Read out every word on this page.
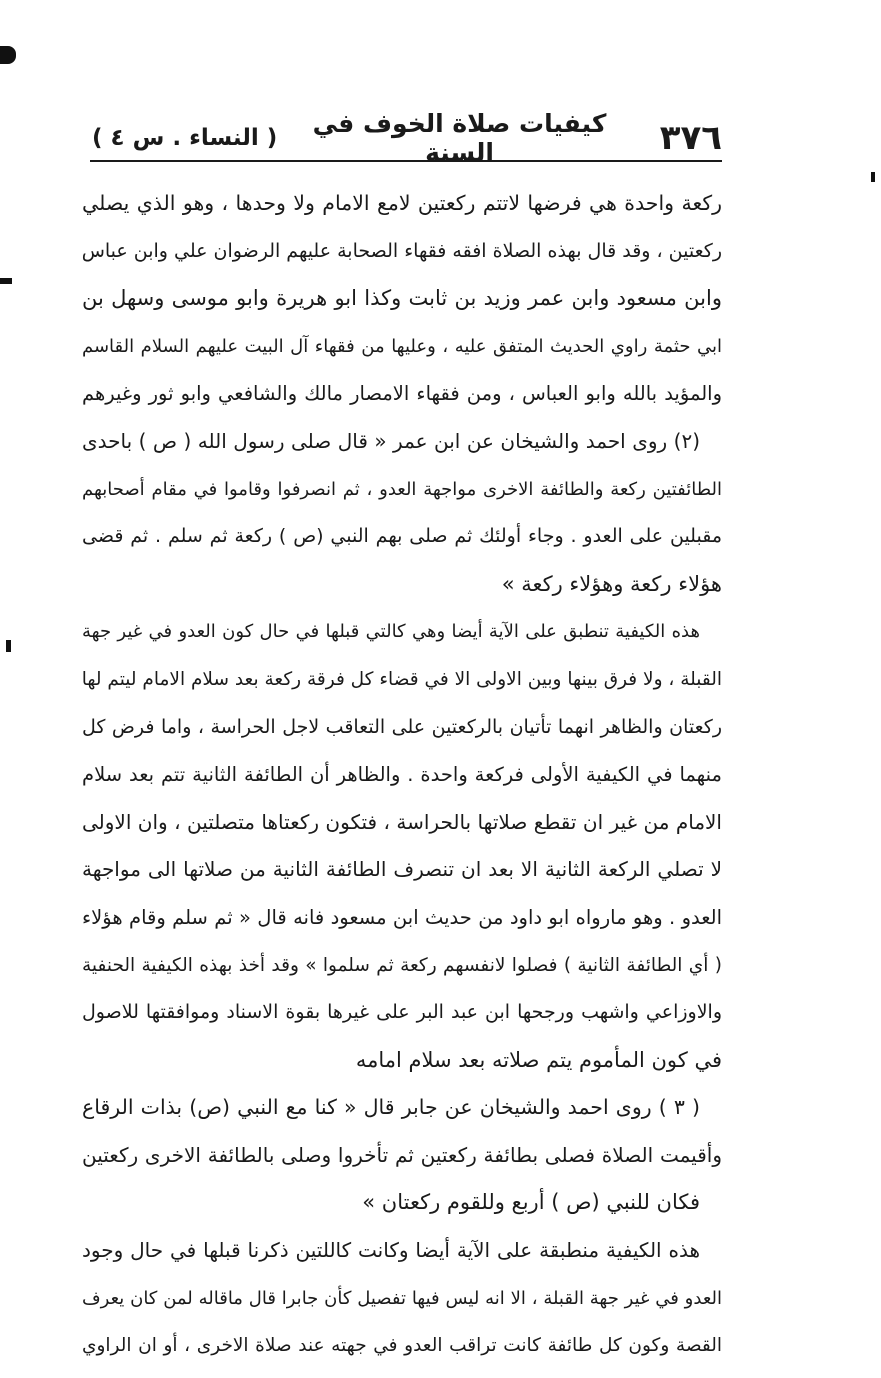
٣٧٦
كيفيات صلاة الخوف في السنة
( النساء . س ٤ )
ركعة واحدة هي فرضها لاتتم ركعتين لامع الامام ولا وحدها ، وهو الذي يصلي
ركعتين ، وقد قال بهذه الصلاة افقه فقهاء الصحابة عليهم الرضوان علي وابن عباس
وابن مسعود وابن عمر وزيد بن ثابت وكذا ابو هريرة وابو موسى وسهل بن
ابي حثمة راوي الحديث المتفق عليه ، وعليها من فقهاء آل البيت عليهم السلام القاسم
والمؤيد بالله وابو العباس ، ومن فقهاء الامصار مالك والشافعي وابو ثور وغيرهم
(٢) روى احمد والشيخان عن ابن عمر « قال صلى رسول الله ( ص ) باحدى
الطائفتين ركعة والطائفة الاخرى مواجهة العدو ، ثم انصرفوا وقاموا في مقام أصحابهم
مقبلين على العدو . وجاء أولئك ثم صلى بهم النبي (ص ) ركعة ثم سلم . ثم قضى
هؤلاء ركعة وهؤلاء ركعة »
هذه الكيفية تنطبق على الآية أيضا وهي كالتي قبلها في حال كون العدو في غير جهة
القبلة ، ولا فرق بينها وبين الاولى الا في قضاء كل فرقة ركعة بعد سلام الامام ليتم لها
ركعتان والظاهر انهما تأتيان بالركعتين على التعاقب لاجل الحراسة ، واما فرض كل
منهما في الكيفية الأولى فركعة واحدة . والظاهر أن الطائفة الثانية تتم بعد سلام
الامام من غير ان تقطع صلاتها بالحراسة ، فتكون ركعتاها متصلتين ، وان الاولى
لا تصلي الركعة الثانية الا بعد ان تنصرف الطائفة الثانية من صلاتها الى مواجهة
العدو . وهو مارواه ابو داود من حديث ابن مسعود فانه قال « ثم سلم وقام هؤلاء
( أي الطائفة الثانية ) فصلوا لانفسهم ركعة ثم سلموا » وقد أخذ بهذه الكيفية الحنفية
والاوزاعي واشهب ورجحها ابن عبد البر على غيرها بقوة الاسناد وموافقتها للاصول
في كون المأموم يتم صلاته بعد سلام امامه
( ٣ ) روى احمد والشيخان عن جابر قال « كنا مع النبي (ص) بذات الرقاع
وأقيمت الصلاة فصلى بطائفة ركعتين ثم تأخروا وصلى بالطائفة الاخرى ركعتين
فكان للنبي (ص ) أربع وللقوم ركعتان »
هذه الكيفية منطبقة على الآية أيضا وكانت كاللتين ذكرنا قبلها في حال وجود
العدو في غير جهة القبلة ، الا انه ليس فيها تفصيل كأن جابرا قال ماقاله لمن كان يعرف
القصة وكون كل طائفة كانت تراقب العدو في جهته عند صلاة الاخرى ، أو ان الراوي
